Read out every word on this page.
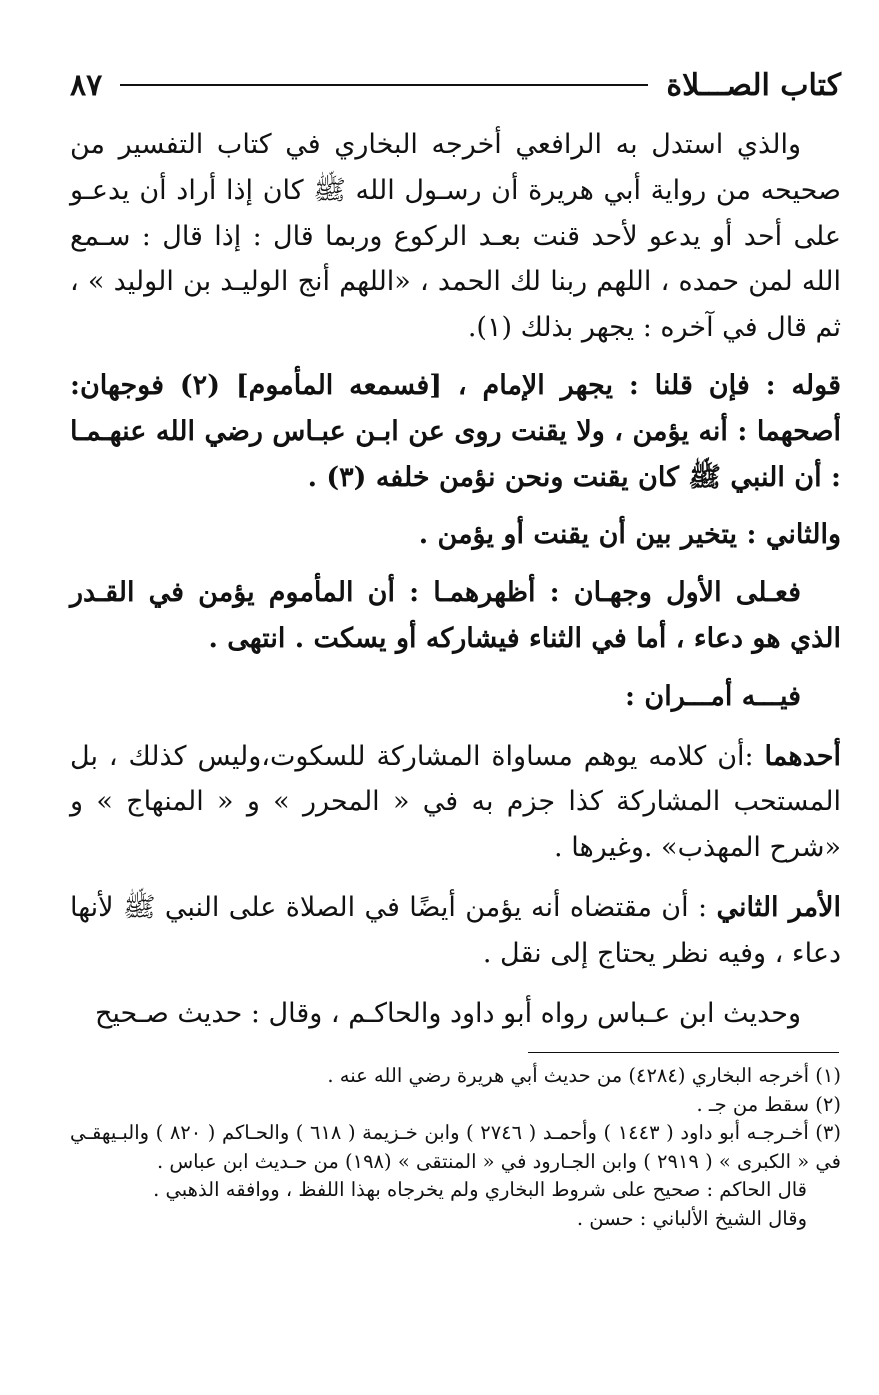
كتاب الصـــلاة
٨٧

والذي استدل به الرافعي أخرجه البخاري في كتاب التفسير من صحيحه من رواية أبي هريرة أن رسـول الله ﷺ كان إذا أراد أن يدعـو على أحد أو يدعو لأحد قنت بعـد الركوع وربما قال : إذا قال : سـمع الله لمن حمده ، اللهم ربنا لك الحمد ، «اللهم أنج الوليـد بن الوليد » ، ثم قال في آخره : يجهر بذلك (١).

قوله : فإن قلنا : يجهر الإمام ، [فسمعه المأموم] (٢) فوجهان: أصحهما : أنه يؤمن ، ولا يقنت روى عن ابـن عبـاس رضي الله عنهـمـا : أن النبي ﷺ كان يقنت ونحن نؤمن خلفه (٣) .

والثاني : يتخير بين أن يقنت أو يؤمن .

فعـلى الأول وجهـان : أظهرهمـا : أن المأموم يؤمن في القـدر الذي هو دعاء ، أما في الثناء فيشاركه أو يسكت . انتهى .

فيـــه أمـــران :

أحدهما :أن كلامه يوهم مساواة المشاركة للسكوت،وليس كذلك ، بل المستحب المشاركة كذا جزم به في « المحرر » و « المنهاج » و «شرح المهذب» .وغيرها .

الأمر الثاني : أن مقتضاه أنه يؤمن أيضًا في الصلاة على النبي ﷺ لأنها دعاء ، وفيه نظر يحتاج إلى نقل .

وحديث ابن عـباس رواه أبو داود والحاكـم ، وقال : حديث صـحيح

(١) أخرجه البخاري (٤٢٨٤) من حديث أبي هريرة رضي الله عنه .

(٢) سقط من جـ .

(٣) أخـرجـه أبو داود ( ١٤٤٣ ) وأحمـد ( ٢٧٤٦ ) وابن خـزيمة ( ٦١٨ ) والحـاكم ( ٨٢٠ ) والبـيهقـي في « الكبرى » ( ٢٩١٩ ) وابن الجـارود في « المنتقى » (١٩٨) من حـديث ابن عباس .

قال الحاكم : صحيح على شروط البخاري ولم يخرجاه بهذا اللفظ ، ووافقه الذهبي .

وقال الشيخ الألباني : حسن .
